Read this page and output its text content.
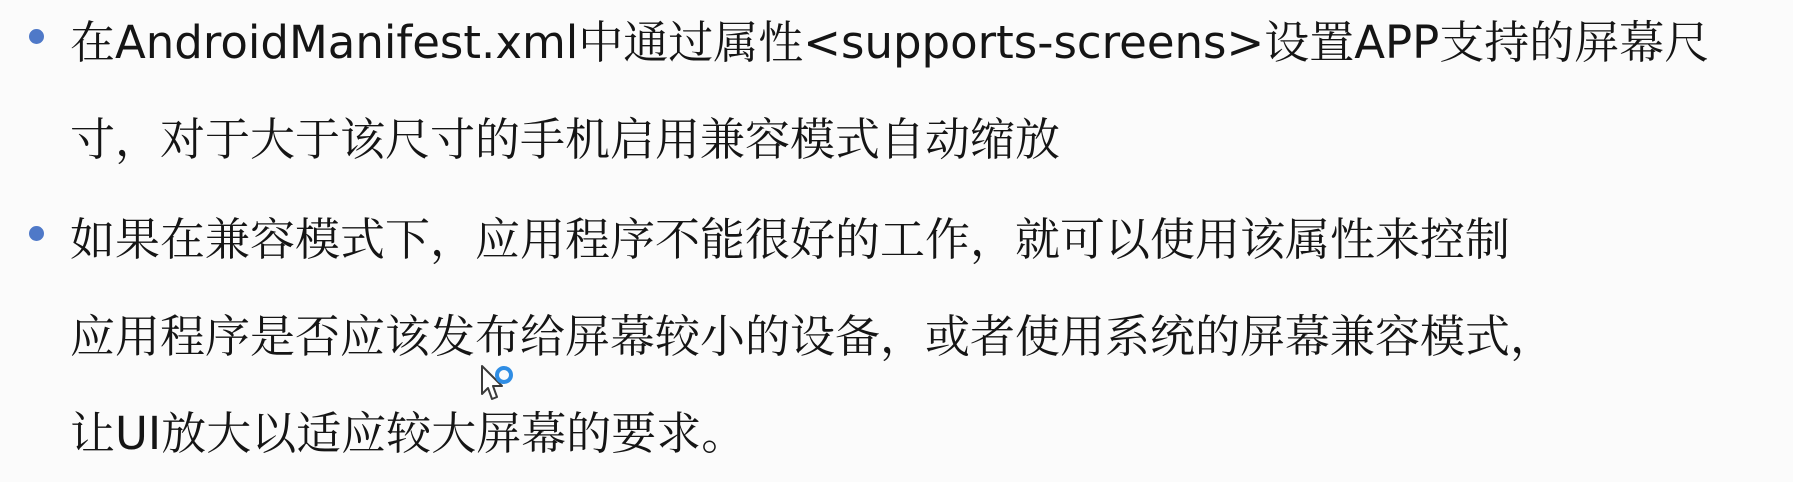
在AndroidManifest.xml中通过属性<supports-screens>设置APP支持的屏幕尺
寸，对于大于该尺寸的手机启用兼容模式自动缩放
如果在兼容模式下，应用程序不能很好的工作，就可以使用该属性来控制
应用程序是否应该发布给屏幕较小的设备，或者使用系统的屏幕兼容模式，
让UI放大以适应较大屏幕的要求。
